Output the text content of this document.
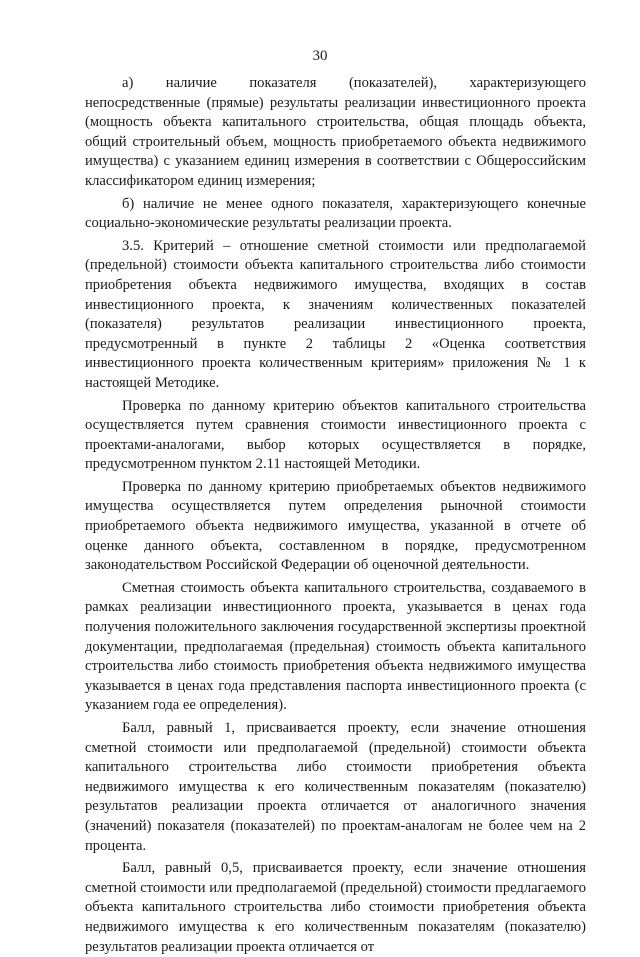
30

а) наличие показателя (показателей), характеризующего непосредственные (прямые) результаты реализации инвестиционного проекта (мощность объекта капитального строительства, общая площадь объекта, общий строительный объем, мощность приобретаемого объекта недвижимого имущества) с указанием единиц измерения в соответствии с Общероссийским классификатором единиц измерения;

б) наличие не менее одного показателя, характеризующего конечные социально-экономические результаты реализации проекта.

3.5. Критерий – отношение сметной стоимости или предполагаемой (предельной) стоимости объекта капитального строительства либо стоимости приобретения объекта недвижимого имущества, входящих в состав инвестиционного проекта, к значениям количественных показателей (показателя) результатов реализации инвестиционного проекта, предусмотренный в пункте 2 таблицы 2 «Оценка соответствия инвестиционного проекта количественным критериям» приложения № 1 к настоящей Методике.

Проверка по данному критерию объектов капитального строительства осуществляется путем сравнения стоимости инвестиционного проекта с проектами-аналогами, выбор которых осуществляется в порядке, предусмотренном пунктом 2.11 настоящей Методики.

Проверка по данному критерию приобретаемых объектов недвижимого имущества осуществляется путем определения рыночной стоимости приобретаемого объекта недвижимого имущества, указанной в отчете об оценке данного объекта, составленном в порядке, предусмотренном законодательством Российской Федерации об оценочной деятельности.

Сметная стоимость объекта капитального строительства, создаваемого в рамках реализации инвестиционного проекта, указывается в ценах года получения положительного заключения государственной экспертизы проектной документации, предполагаемая (предельная) стоимость объекта капитального строительства либо стоимость приобретения объекта недвижимого имущества указывается в ценах года представления паспорта инвестиционного проекта (с указанием года ее определения).

Балл, равный 1, присваивается проекту, если значение отношения сметной стоимости или предполагаемой (предельной) стоимости объекта капитального строительства либо стоимости приобретения объекта недвижимого имущества к его количественным показателям (показателю) результатов реализации проекта отличается от аналогичного значения (значений) показателя (показателей) по проектам-аналогам не более чем на 2 процента.

Балл, равный 0,5, присваивается проекту, если значение отношения сметной стоимости или предполагаемой (предельной) стоимости предлагаемого объекта капитального строительства либо стоимости приобретения объекта недвижимого имущества к его количественным показателям (показателю) результатов реализации проекта отличается от
